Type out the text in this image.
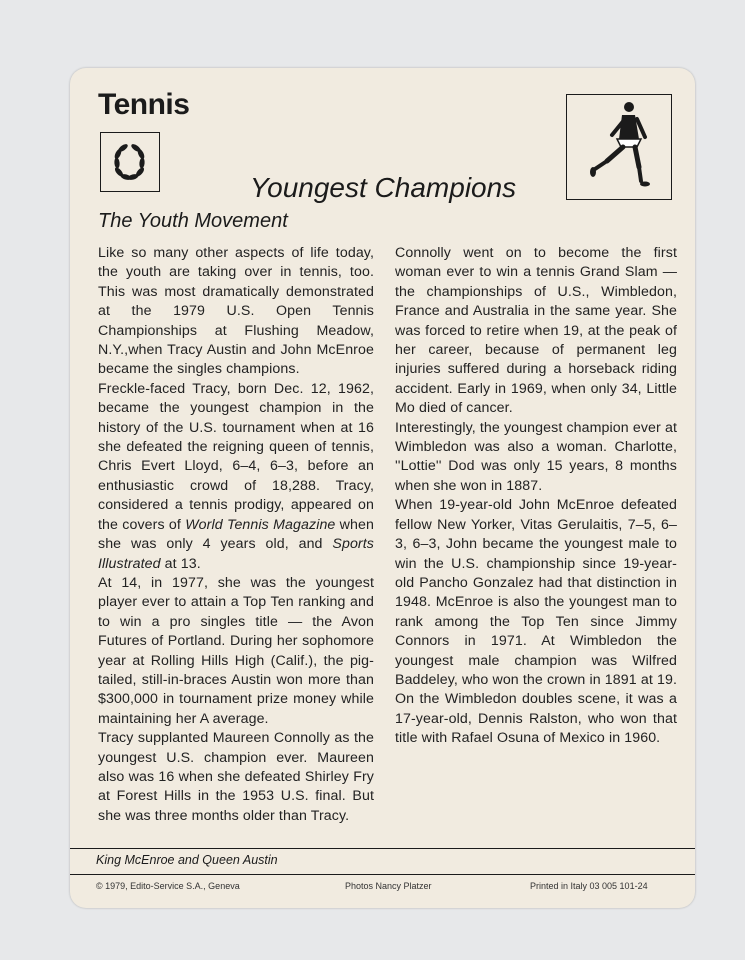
Tennis
Youngest Champions
The Youth Movement

Like so many other aspects of life today, the youth are taking over in tennis, too. This was most dramatically demonstrated at the 1979 U.S. Open Tennis Championships at Flushing Meadow, N.Y.,when Tracy Austin and John McEnroe became the singles champions.

Freckle-faced Tracy, born Dec. 12, 1962, became the youngest champion in the history of the U.S. tournament when at 16 she defeated the reigning queen of tennis, Chris Evert Lloyd, 6–4, 6–3, before an enthusiastic crowd of 18,288. Tracy, considered a tennis prodigy, appeared on the covers of World Tennis Magazine when she was only 4 years old, and Sports Illustrated at 13.

At 14, in 1977, she was the youngest player ever to attain a Top Ten ranking and to win a pro singles title — the Avon Futures of Portland. During her sophomore year at Rolling Hills High (Calif.), the pig-tailed, still-in-braces Austin won more than $300,000 in tournament prize money while maintaining her A average.

Tracy supplanted Maureen Connolly as the youngest U.S. champion ever. Maureen also was 16 when she defeated Shirley Fry at Forest Hills in the 1953 U.S. final. But she was three months older than Tracy.

Connolly went on to become the first woman ever to win a tennis Grand Slam — the championships of U.S., Wimbledon, France and Australia in the same year. She was forced to retire when 19, at the peak of her career, because of permanent leg injuries suffered during a horseback riding accident. Early in 1969, when only 34, Little Mo died of cancer.

Interestingly, the youngest champion ever at Wimbledon was also a woman. Charlotte, ''Lottie'' Dod was only 15 years, 8 months when she won in 1887.

When 19-year-old John McEnroe defeated fellow New Yorker, Vitas Gerulaitis, 7–5, 6–3, 6–3, John became the youngest male to win the U.S. championship since 19-year-old Pancho Gonzalez had that distinction in 1948. McEnroe is also the youngest man to rank among the Top Ten since Jimmy Connors in 1971. At Wimbledon the youngest male champion was Wilfred Baddeley, who won the crown in 1891 at 19. On the Wimbledon doubles scene, it was a 17-year-old, Dennis Ralston, who won that title with Rafael Osuna of Mexico in 1960.

King McEnroe and Queen Austin
© 1979, Edito-Service S.A., Geneva	Photos Nancy Platzer	Printed in Italy 03 005 101-24
